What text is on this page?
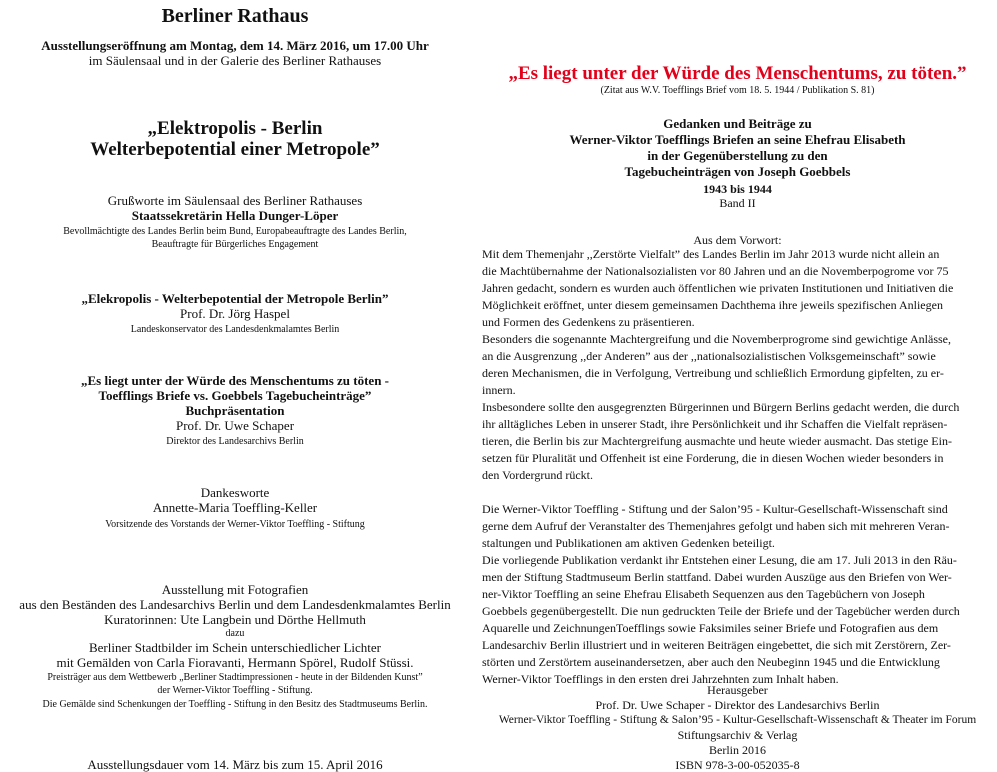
Berliner Rathaus
Ausstellungseröffnung am Montag, dem 14. März 2016, um 17.00 Uhr
im Säulensaal und in der Galerie des Berliner Rathauses
„Elektropolis - Berlin
Welterbepotential einer Metropole”
Grußworte im Säulensaal des Berliner Rathauses
Staatssekretärin Hella Dunger-Löper
Bevollmächtigte des Landes Berlin beim Bund, Europabeauftragte des Landes Berlin,
Beauftragte für Bürgerliches Engagement
„Elekropolis - Welterbepotential der Metropole Berlin”
Prof. Dr. Jörg Haspel
Landeskonservator des Landesdenkmalamtes Berlin
„Es liegt unter der Würde des Menschentums zu töten -
Toefflings Briefe vs. Goebbels Tagebucheinträge”
Buchpräsentation
Prof. Dr. Uwe Schaper
Direktor des Landesarchivs Berlin
Dankesworte
Annette-Maria Toeffling-Keller
Vorsitzende des Vorstands der Werner-Viktor Toeffling - Stiftung
Ausstellung mit Fotografien
aus den Beständen des Landesarchivs Berlin und dem Landesdenkmalamtes Berlin
Kuratorinnen: Ute Langbein und Dörthe Hellmuth
dazu
Berliner Stadtbilder im Schein unterschiedlicher Lichter
mit Gemälden von Carla Fioravanti, Hermann Spörel, Rudolf Stüssi.
Preisträger aus dem Wettbewerb „Berliner Stadtimpressionen - heute in der Bildenden Kunst”
der Werner-Viktor Toeffling - Stiftung.
Die Gemälde sind Schenkungen der Toeffling - Stiftung in den Besitz des Stadtmuseums Berlin.
Ausstellungsdauer vom 14. März bis zum 15. April 2016
„Es liegt unter der Würde des Menschentums, zu töten.”
(Zitat aus W.V. Toefflings Brief vom 18. 5. 1944 / Publikation S. 81)
Gedanken und Beiträge zu
Werner-Viktor Toefflings Briefen an seine Ehefrau Elisabeth
in der Gegenüberstellung zu den
Tagebucheinträgen von Joseph Goebbels
1943 bis 1944
Band II
Aus dem Vorwort:
Mit dem Themenjahr ,,Zerstörte Vielfalt” des Landes Berlin im Jahr 2013 wurde nicht allein an
die Machtübernahme der Nationalsozialisten vor 80 Jahren und an die Novemberpogrome vor 75
Jahren gedacht, sondern es wurden auch öffentlichen wie privaten Institutionen und Initiativen die
Möglichkeit eröffnet, unter diesem gemeinsamen Dachthema ihre jeweils spezifischen Anliegen
und Formen des Gedenkens zu präsentieren.
Besonders die sogenannte Machtergreifung und die Novemberprogrome sind gewichtige Anlässe,
an die Ausgrenzung ,,der Anderen” aus der ,,nationalsozialistischen Volksgemeinschaft” sowie
deren Mechanismen, die in Verfolgung, Vertreibung und schließlich Ermordung gipfelten, zu er-
innern.
Insbesondere sollte den ausgegrenzten Bürgerinnen und Bürgern Berlins gedacht werden, die durch
ihr alltägliches Leben in unserer Stadt, ihre Persönlichkeit und ihr Schaffen die Vielfalt repräsen-
tieren, die Berlin bis zur Machtergreifung ausmachte und heute wieder ausmacht. Das stetige Ein-
setzen für Pluralität und Offenheit ist eine Forderung, die in diesen Wochen wieder besonders in
den Vordergrund rückt.
Die Werner-Viktor Toeffling - Stiftung und der Salon’95 - Kultur-Gesellschaft-Wissenschaft sind
gerne dem Aufruf der Veranstalter des Themenjahres gefolgt und haben sich mit mehreren Veran-
staltungen und Publikationen am aktiven Gedenken beteiligt.
Die vorliegende Publikation verdankt ihr Entstehen einer Lesung, die am 17. Juli 2013 in den Räu-
men der Stiftung Stadtmuseum Berlin stattfand. Dabei wurden Auszüge aus den Briefen von Wer-
ner-Viktor Toeffling an seine Ehefrau Elisabeth Sequenzen aus den Tagebüchern von Joseph
Goebbels gegenübergestellt. Die nun gedruckten Teile der Briefe und der Tagebücher werden durch
Aquarelle und ZeichnungenToefflings sowie Faksimiles seiner Briefe und Fotografien aus dem
Landesarchiv Berlin illustriert und in weiteren Beiträgen eingebettet, die sich mit Zerstörern, Zer-
störten und Zerstörtem auseinandersetzen, aber auch den Neubeginn 1945 und die Entwicklung
Werner-Viktor Toefflings in den ersten drei Jahrzehnten zum Inhalt haben.
Herausgeber
Prof. Dr. Uwe Schaper - Direktor des Landesarchivs Berlin
Werner-Viktor Toeffling - Stiftung & Salon’95 - Kultur-Gesellschaft-Wissenschaft & Theater im Forum
Stiftungsarchiv & Verlag
Berlin 2016
ISBN 978-3-00-052035-8
